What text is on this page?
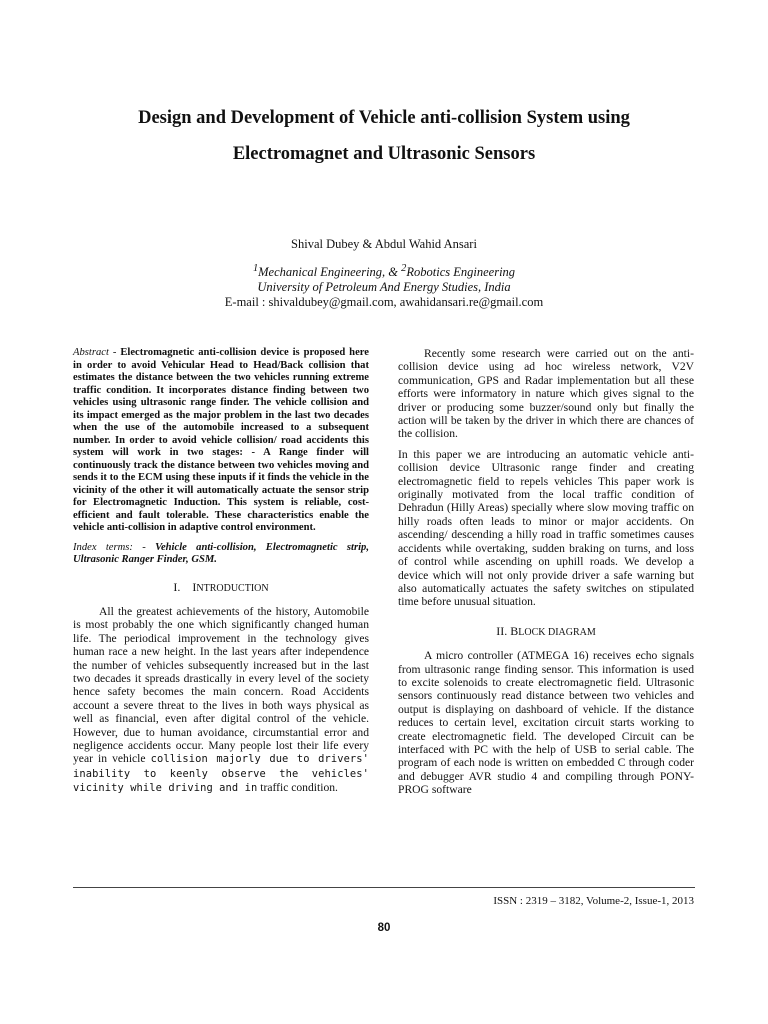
Design and Development of Vehicle anti-collision System using
Electromagnet and Ultrasonic Sensors
Shival Dubey & Abdul Wahid Ansari
$^1$Mechanical Engineering, & $^2$Robotics Engineering
University of Petroleum And Energy Studies, India
E-mail : shivaldubey@gmail.com, awahidansari.re@gmail.com
Abstract - Electromagnetic anti-collision device is proposed here in order to avoid Vehicular Head to Head/Back collision that estimates the distance between the two vehicles running extreme traffic condition. It incorporates distance finding between two vehicles using ultrasonic range finder. The vehicle collision and its impact emerged as the major problem in the last two decades when the use of the automobile increased to a subsequent number. In order to avoid vehicle collision/ road accidents this system will work in two stages: - A Range finder will continuously track the distance between two vehicles moving and sends it to the ECM using these inputs if it finds the vehicle in the vicinity of the other it will automatically actuate the sensor strip for Electromagnetic Induction. This system is reliable, cost-efficient and fault tolerable. These characteristics enable the vehicle anti-collision in adaptive control environment.
Index terms: - Vehicle anti-collision, Electromagnetic strip, Ultrasonic Ranger Finder, GSM.
I. INTRODUCTION

All the greatest achievements of the history, Automobile is most probably the one which significantly changed human life. The periodical improvement in the technology gives human race a new height. In the last years after independence the number of vehicles subsequently increased but in the last two decades it spreads drastically in every level of the society hence safety becomes the main concern. Road Accidents account a severe threat to the lives in both ways physical as well as financial, even after digital control of the vehicle. However, due to human avoidance, circumstantial error and negligence accidents occur. Many people lost their life every year in vehicle collision majorly due to drivers' inability to keenly observe the vehicles' vicinity while driving and in traffic condition.

Recently some research were carried out on the anti-collision device using ad hoc wireless network, V2V communication, GPS and Radar implementation but all these efforts were informatory in nature which gives signal to the driver or producing some buzzer/sound only but finally the action will be taken by the driver in which there are chances of the collision.

In this paper we are introducing an automatic vehicle anti-collision device Ultrasonic range finder and creating electromagnetic field to repels vehicles This paper work is originally motivated from the local traffic condition of Dehradun (Hilly Areas) specially where slow moving traffic on hilly roads often leads to minor or major accidents. On ascending/ descending a hilly road in traffic sometimes causes accidents while overtaking, sudden braking on turns, and loss of control while ascending on uphill roads. We develop a device which will not only provide driver a safe warning but also automatically actuates the safety switches on stipulated time before unusual situation.

II. BLOCK DIAGRAM

A micro controller (ATMEGA 16) receives echo signals from ultrasonic range finding sensor. This information is used to excite solenoids to create electromagnetic field. Ultrasonic sensors continuously read distance between two vehicles and output is displaying on dashboard of vehicle. If the distance reduces to certain level, excitation circuit starts working to create electromagnetic field. The developed Circuit can be interfaced with PC with the help of USB to serial cable. The program of each node is written on embedded C through coder and debugger AVR studio 4 and compiling through PONY-PROG software

ISSN : 2319 – 3182, Volume-2, Issue-1, 2013
80
